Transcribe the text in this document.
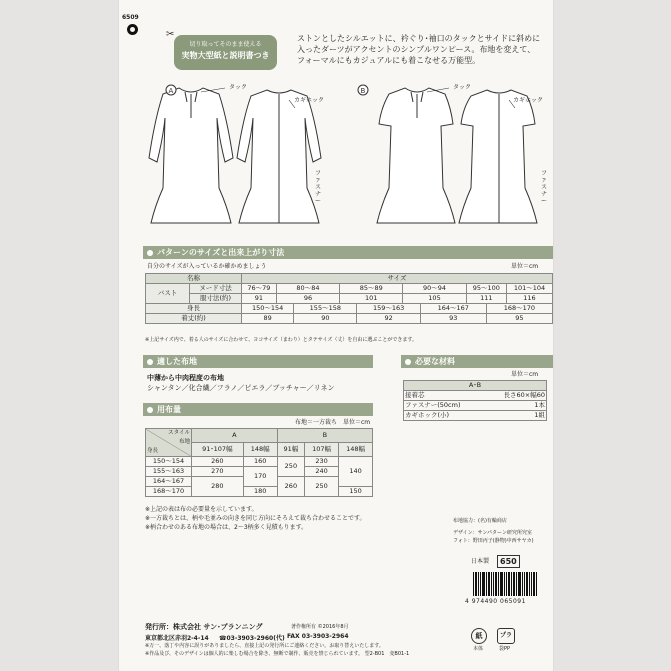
6509
✂
切り取ってそのまま使える
実物大型紙と説明書つき
ストンとしたシルエットに、衿ぐり･袖口のタックとサイドに斜めに
入ったダーツがアクセントのシンプルワンピース。布地を変えて、
フォーマルにもカジュアルにも着こなせる万能型。
A	B
タック
カギホック
ファスナー
タック
カギホック
ファスナー
パターンのサイズと出来上がり寸法
自分のサイズが入っているか確かめましょう	単位＝cm
名称		サイズ									
バスト	ヌード寸法	76〜79	80〜84		85〜89		90〜94		95〜100		101〜104
	服寸法(約)	91	96		101		105		111		116
身長		150〜154		155〜158		159〜163		164〜167		168〜170	
着丈(約)		89		90		92		93		95	
※上記サイズ内で、着る人のサイズに合わせて、ヨコサイズ（まわり）とタテサイズ（丈）を自由に選ぶことができます。
適した布地
中薄から中肉程度の布地
シャンタン／化合繊／フラノ／ピエラ／ブッチャー／リネン
必要な材料
単位＝cm
A･B	
接着芯	長さ60×幅60
ファスナー(50cm)	1本
カギホック(小)	1組
用布量
布地＝一方裁ち　単位＝cm
スタイル
布地
身長	A		B		
	91･107幅	148幅	91幅	107幅	148幅
150〜154	260	160	250	230	140
155〜163	270	170		240	
164〜167	280		260	250	
168〜170		180			150
※上記の表は布の必要量を示しています。
※一方裁ちとは、柄や毛並みの向きを同じ方向にそろえて裁ち合わせることです。
※柄合わせのある布地の場合は、2〜3柄多く見積もります。
布地協力：(名)有輪商店
デザイン：サンパターン研究所究室
フォト：野田丙子(静物)中西サヤカ)
日本製	650
4 974490 065091
発行所：株式会社 サン･プランニング	著作権所有 ©2016年8月
東京都北区赤羽2-4-14 ☎03-3903-2960(代) FAX 03-3903-2964
※万一、落丁や内容に誤りがありましたら、直接上記の発行所にご連絡ください。お取り替えいたします。
※作品及び、そのデザインは個人的に楽しむ場合を除き、無断で制作、販売を禁じられています。 型2-B01　変B01-1
紙
本体
プラ
袋PP
